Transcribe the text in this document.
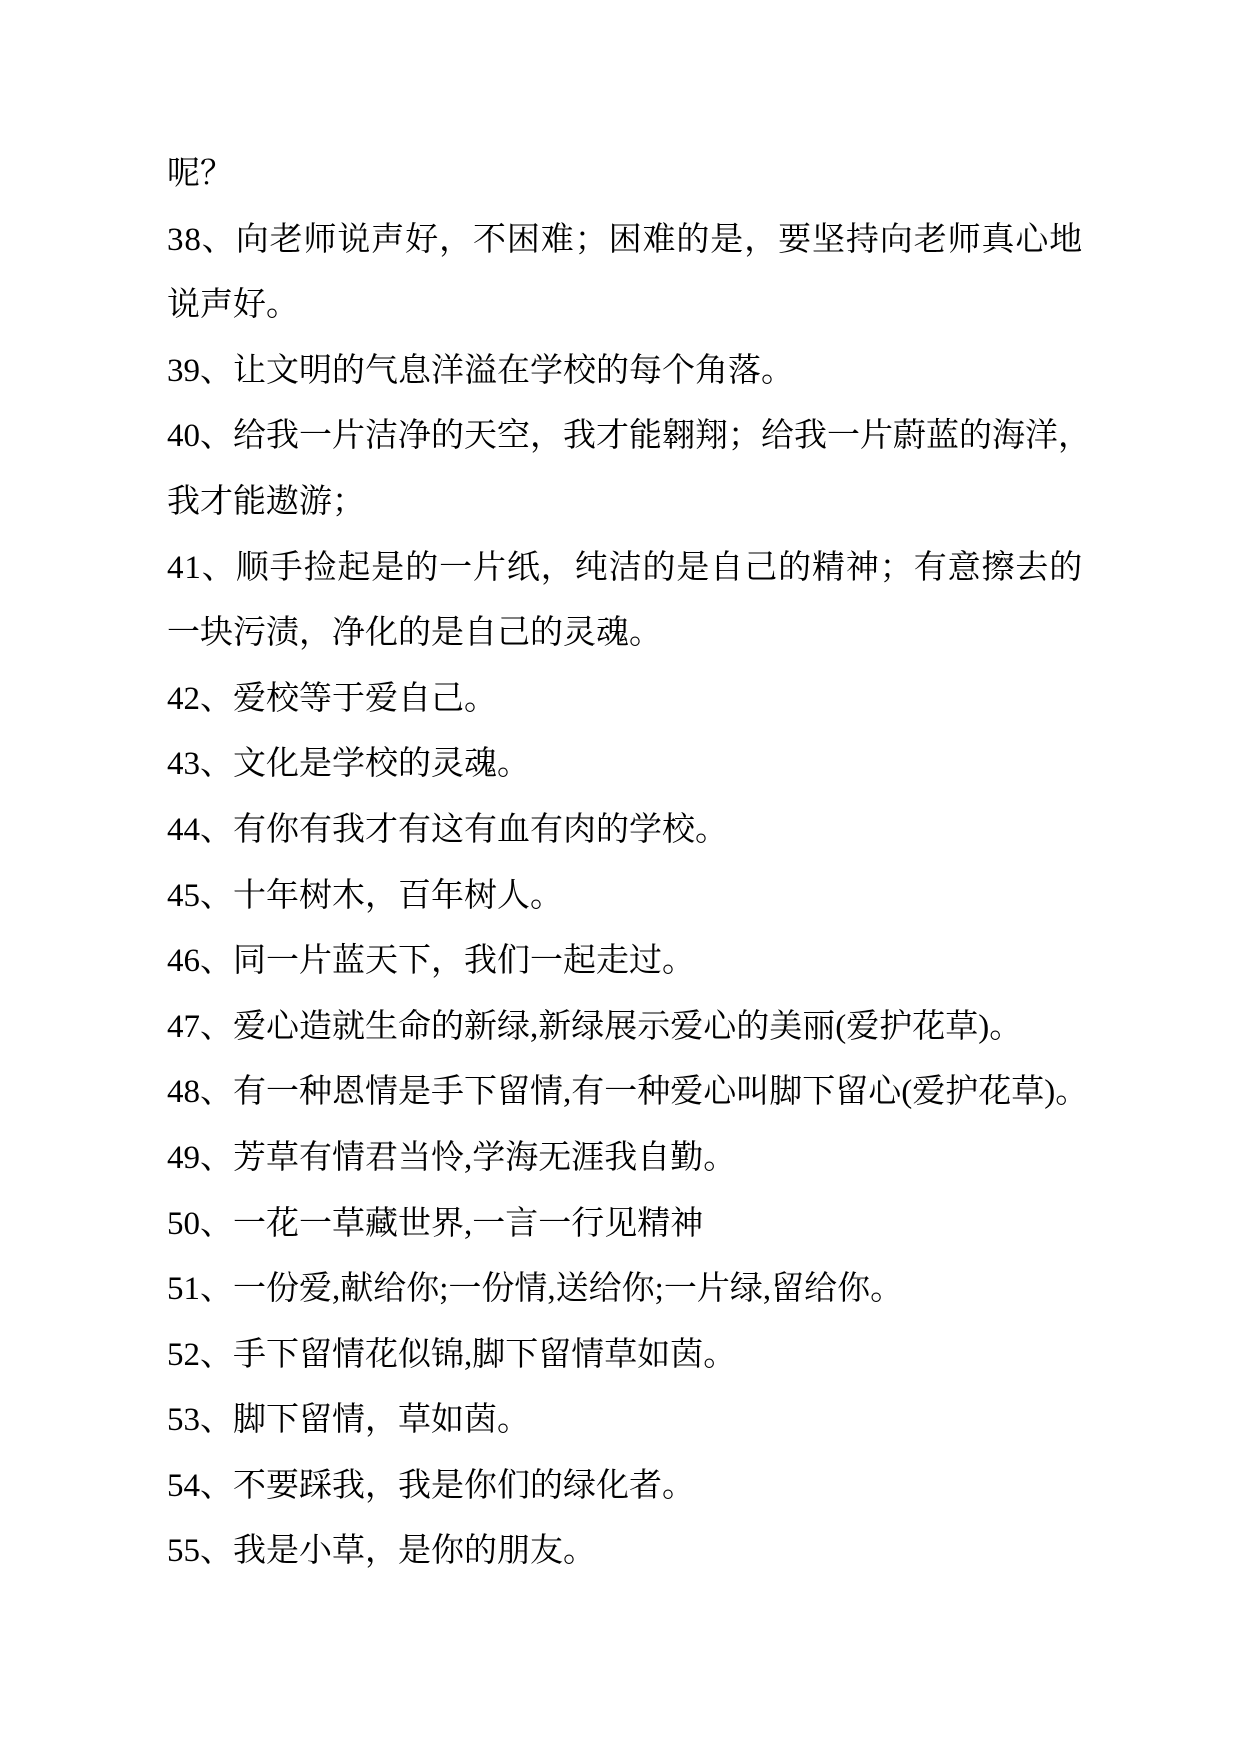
呢？
38、向老师说声好，不困难；困难的是，要坚持向老师真心地
说声好。
39、让文明的气息洋溢在学校的每个角落。
40、给我一片洁净的天空，我才能翱翔；给我一片蔚蓝的海洋，
我才能遨游；
41、顺手捡起是的一片纸，纯洁的是自己的精神；有意擦去的
一块污渍，净化的是自己的灵魂。
42、爱校等于爱自己。
43、文化是学校的灵魂。
44、有你有我才有这有血有肉的学校。
45、十年树木，百年树人。
46、同一片蓝天下，我们一起走过。
47、爱心造就生命的新绿,新绿展示爱心的美丽(爱护花草)。
48、有一种恩情是手下留情,有一种爱心叫脚下留心(爱护花草)。
49、芳草有情君当怜,学海无涯我自勤。
50、一花一草藏世界,一言一行见精神
51、一份爱,献给你;一份情,送给你;一片绿,留给你。
52、手下留情花似锦,脚下留情草如茵。
53、脚下留情，草如茵。
54、不要踩我，我是你们的绿化者。
55、我是小草，是你的朋友。
